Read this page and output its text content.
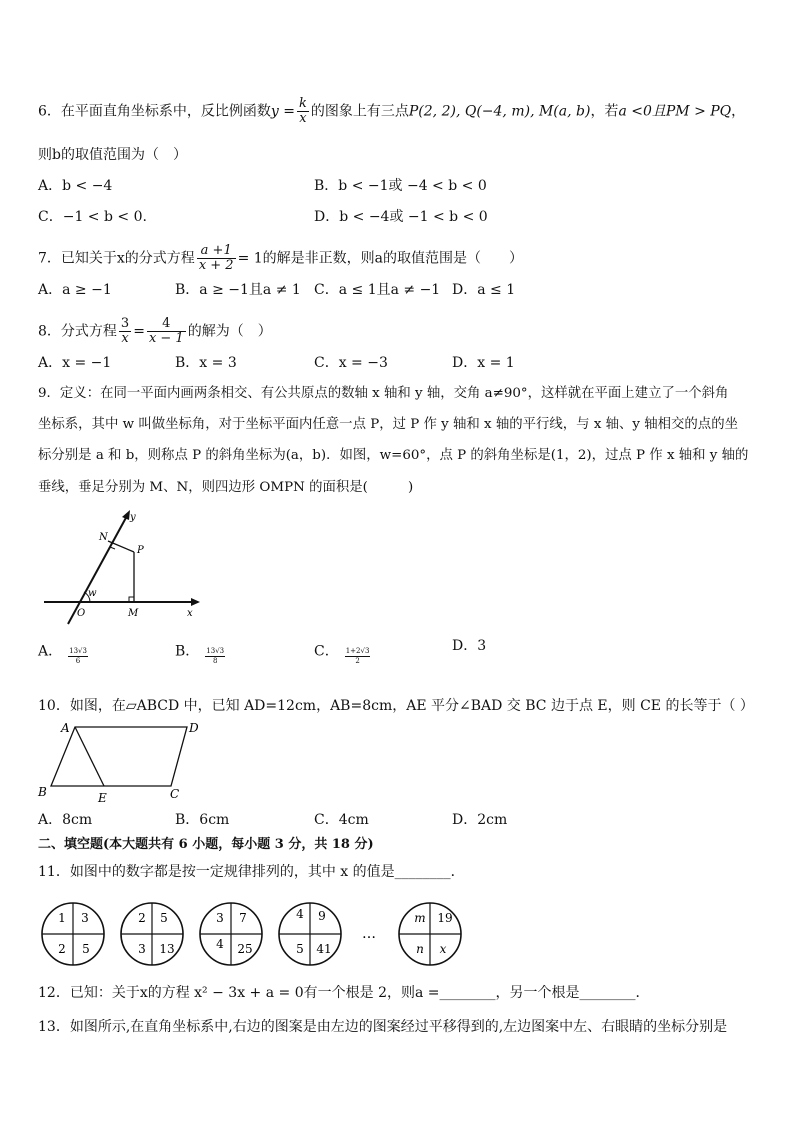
6．在平面直角坐标系中，反比例函数$y = \frac{k}{x}$ 的图象上有三点P(2, 2), Q(−4, m), M(a, b)，若a <0且PM > PQ，
则b的取值范围为（　）
A．b < −4	B．b < −1或 −4 < b < 0
C．−1 < b < 0.	D．b < −4或 −1 < b < 0
7．已知关于x的分式方程 $\frac{a +1}{x + 2} = 1$的解是非正数，则a的取值范围是（　　）
A．a ≥ −1	B．a ≥ −1且a ≠ 1 C．a ≤ 1且a ≠ −1 D．a ≤ 1
8．分式方程 $\frac{3}{x} = \frac{4}{x - 1}$ 的解为（　）
A．x = −1	B．x = 3	C．x = −3	D．x = 1
9．定义：在同一平面内画两条相交、有公共原点的数轴 x 轴和 y 轴，交角 a≠90°，这样就在平面上建立了一个斜角
坐标系，其中 w 叫做坐标角，对于坐标平面内任意一点 P，过 P 作 y 轴和 x 轴的平行线，与 x 轴、y 轴相交的点的坐
标分别是 a 和 b，则称点 P 的斜角坐标为(a，b)．如图，w=60°，点 P 的斜角坐标是(1，2)，过点 P 作 x 轴和 y 轴的
垂线，垂足分别为 M、N，则四边形 OMPN 的面积是(　　　)
y
x
N
P
w
O	M
A． $\frac{13√3}{6}$	B． $\frac{13√3}{8}$	C． $\frac{1+2√3}{2}$
D．3
10．如图，在▱ABCD 中，已知 AD=12cm，AB=8cm，AE 平分∠BAD 交 BC 边于点 E，则 CE 的长等于（ ）
A	D
B	E	C
A．8cm	B．6cm	C．4cm	D．2cm
二、填空题(本大题共有 6 小题，每小题 3 分，共 18 分)
11．如图中的数字都是按一定规律排列的，其中 x 的值是________．
1 3
2 5
2 5
3 13
3 7
4 25
4 9
5 41
…
m 19
n x
12．已知：关于x的方程 x² − 3x + a = 0有一个根是 2，则a =________，另一个根是________．
13．如图所示,在直角坐标系中,右边的图案是由左边的图案经过平移得到的,左边图案中左、右眼睛的坐标分别是
